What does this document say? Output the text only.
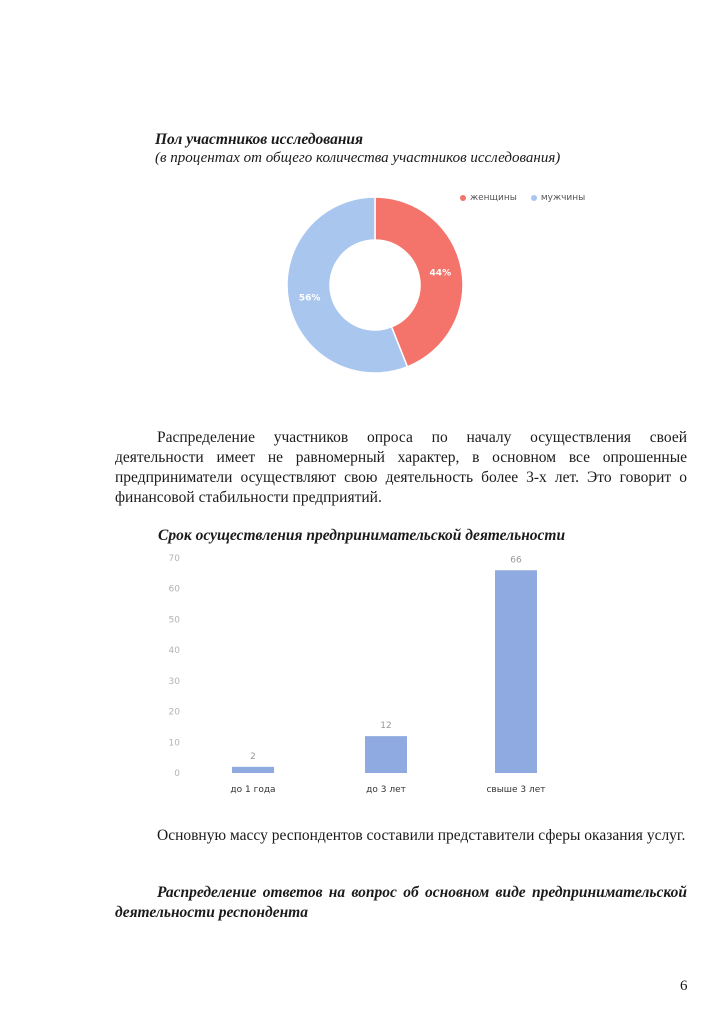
Пол участников исследования
(в процентах от общего количества участников исследования)
женщины
	мужчины
44%
56%
Распределение участников опроса по началу осуществления своей деятельности имеет не равномерный характер, в основном все опрошенные предприниматели осуществляют свою деятельность более 3-х лет. Это говорит о финансовой стабильности предприятий.
Срок осуществления предпринимательской деятельности
0
10
20
30
40
50
60
70
2
до 1 года
12
до 3 лет
66
свыше 3 лет
Основную массу респондентов составили представители сферы оказания услуг.
Распределение ответов на вопрос об основном виде предпринимательской деятельности респондента
6
